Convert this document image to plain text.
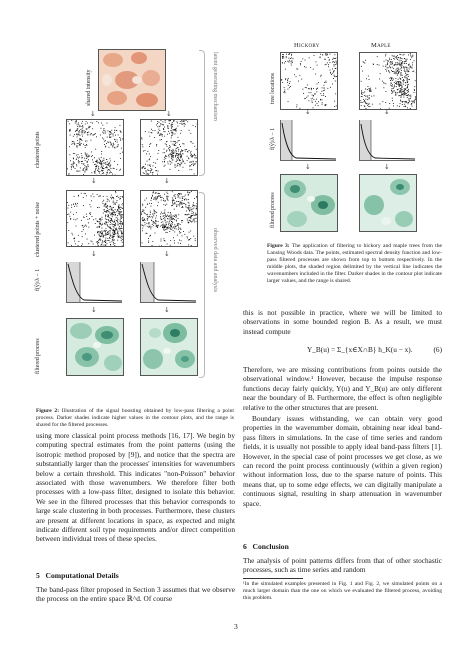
shared intensity
↓	↓
clustered points
↓	↓
clustered points + noise	↓	↓
f(ŷ)/λ − 1
↓	↓
filtered process
latent generating mechanism
observed data and analysis
Figure 2: Illustration of the signal boosting obtained by low-pass filtering a point process. Darker shades indicate higher values in the contour plots, and the range is shared for the filtered processes.
Hickory	Maple
tree locations
↓	↓
f(ŷ)/λ − 1
↓	↓
filtered process
Figure 3: The application of filtering to hickory and maple trees from the Lansing Woods data. The points, estimated spectral density function and low-pass filtered processes are shown from top to bottom respectively. In the middle plots, the shaded region delimited by the vertical line indicates the wavenumbers included in the filter. Darker shades in the contour plot indicate larger values, and the range is shared.
using more classical point process methods [16, 17]. We begin by computing spectral estimates from the point patterns (using the isotropic method proposed by [9]), and notice that the spectra are substantially larger than the processes' intensities for wavenumbers below a certain threshold. This indicates "non-Poisson" behavior associated with those wavenumbers. We therefore filter both processes with a low-pass filter, designed to isolate this behavior. We see in the filtered processes that this behavior corresponds to large scale clustering in both processes. Furthermore, these clusters are present at different locations in space, as expected and might indicate different soil type requirements and/or direct competition between individual trees of these species.
5 Computational Details
The band-pass filter proposed in Section 3 assumes that we observe the process on the entire space ℝ^d. Of course
this is not possible in practice, where we will be limited to observations in some bounded region B. As a result, we must instead compute
Y_B(u) = Σ_{x∈X∩B} h_K(u − x).	(6)
Therefore, we are missing contributions from points outside the observational window.¹ However, because the impulse response functions decay fairly quickly, Y(u) and Y_B(u) are only different near the boundary of B. Furthermore, the effect is often negligible relative to the other structures that are present.
Boundary issues withstanding, we can obtain very good properties in the wavenumber domain, obtaining near ideal band-pass filters in simulations. In the case of time series and random fields, it is usually not possible to apply ideal band-pass filters [1]. However, in the special case of point processes we get close, as we can record the point process continuously (within a given region) without information loss, due to the sparse nature of points. This means that, up to some edge effects, we can digitally manipulate a continuous signal, resulting in sharp attenuation in wavenumber space.
6 Conclusion
The analysis of point patterns differs from that of other stochastic processes, such as time series and random
¹In the simulated examples presented in Fig. 1 and Fig. 2, we simulated points on a much larger domain than the one on which we evaluated the filtered process, avoiding this problem.
3
